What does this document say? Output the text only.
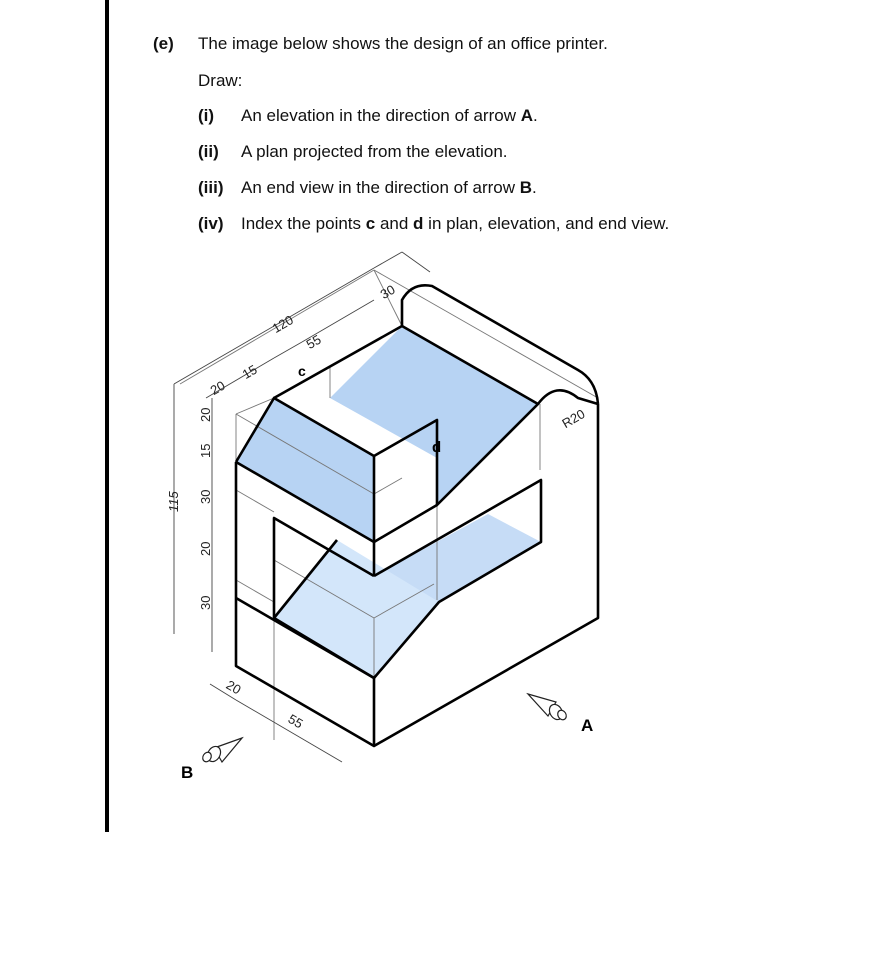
(e) The image below shows the design of an office printer.
Draw:
(i) An elevation in the direction of arrow A.
(ii) A plan projected from the elevation.
(iii) An end view in the direction of arrow B.
(iv) Index the points c and d in plan, elevation, and end view.
120
30
55
20
15
115
20
15
30
20
30
20
55
R20
c
d
A
B
